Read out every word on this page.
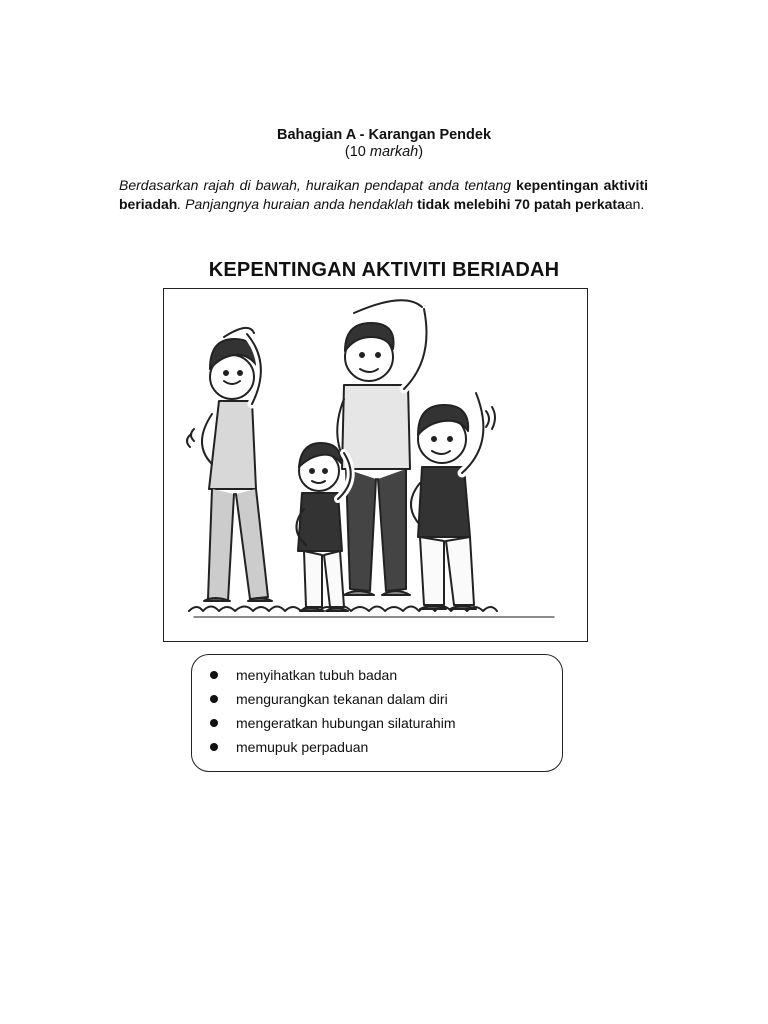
Bahagian A - Karangan Pendek
(10 markah)
Berdasarkan rajah di bawah, huraikan pendapat anda tentang kepentingan aktiviti beriadah. Panjangnya huraian anda hendaklah tidak melebihi 70 patah perkataan.
KEPENTINGAN AKTIVITI BERIADAH
menyihatkan tubuh badan
mengurangkan tekanan dalam diri
mengeratkan hubungan silaturahim
memupuk perpaduan
